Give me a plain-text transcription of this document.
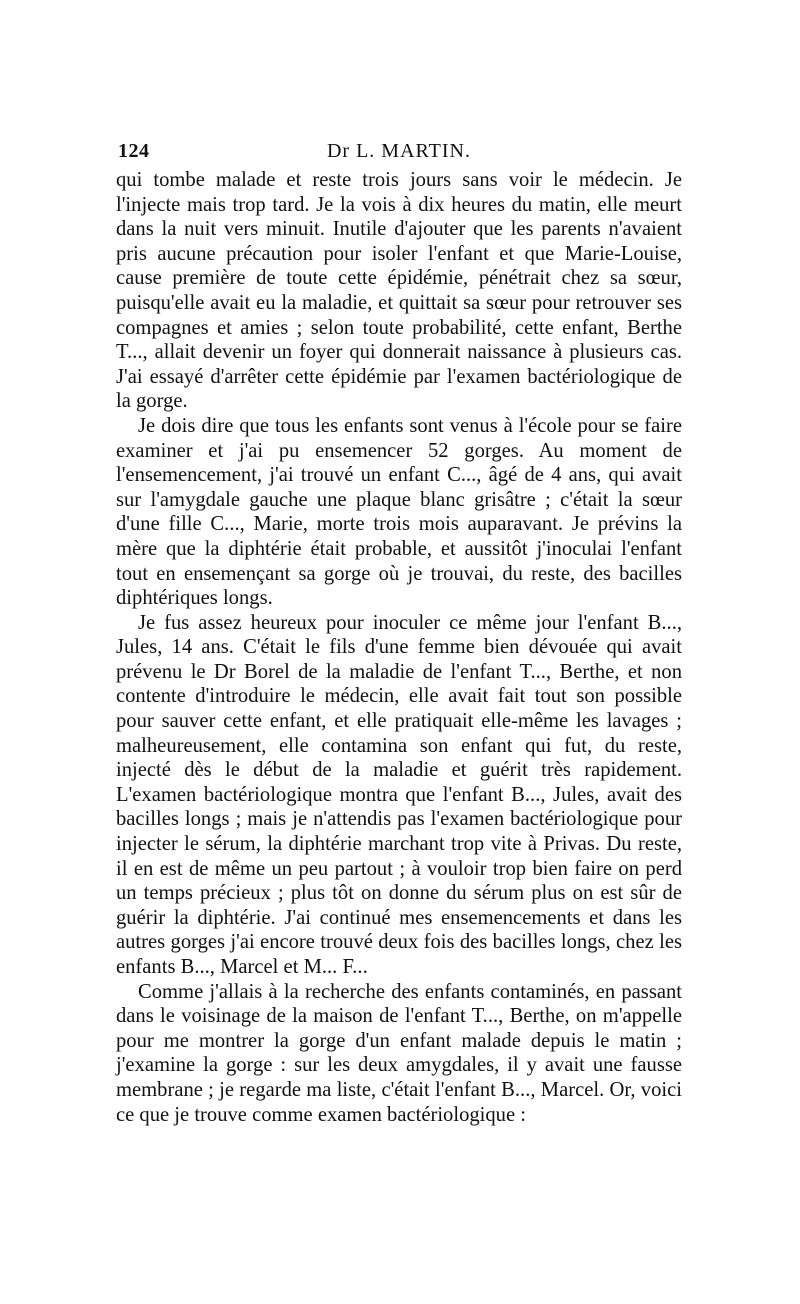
124	Dr L. MARTIN.

qui tombe malade et reste trois jours sans voir le médecin. Je l'injecte mais trop tard. Je la vois à dix heures du matin, elle meurt dans la nuit vers minuit. Inutile d'ajouter que les parents n'avaient pris aucune précaution pour isoler l'enfant et que Marie-Louise, cause première de toute cette épidémie, pénétrait chez sa sœur, puisqu'elle avait eu la maladie, et quittait sa sœur pour retrouver ses compagnes et amies ; selon toute probabilité, cette enfant, Berthe T..., allait devenir un foyer qui donnerait naissance à plusieurs cas. J'ai essayé d'arrêter cette épidémie par l'examen bactériologique de la gorge.

Je dois dire que tous les enfants sont venus à l'école pour se faire examiner et j'ai pu ensemencer 52 gorges. Au moment de l'ensemencement, j'ai trouvé un enfant C..., âgé de 4 ans, qui avait sur l'amygdale gauche une plaque blanc grisâtre ; c'était la sœur d'une fille C..., Marie, morte trois mois auparavant. Je prévins la mère que la diphtérie était probable, et aussitôt j'inoculai l'enfant tout en ensemençant sa gorge où je trouvai, du reste, des bacilles diphtériques longs.

Je fus assez heureux pour inoculer ce même jour l'enfant B..., Jules, 14 ans. C'était le fils d'une femme bien dévouée qui avait prévenu le Dr Borel de la maladie de l'enfant T..., Berthe, et non contente d'introduire le médecin, elle avait fait tout son possible pour sauver cette enfant, et elle pratiquait elle-même les lavages ; malheureusement, elle contamina son enfant qui fut, du reste, injecté dès le début de la maladie et guérit très rapidement. L'examen bactériologique montra que l'enfant B..., Jules, avait des bacilles longs ; mais je n'attendis pas l'examen bactériologique pour injecter le sérum, la diphtérie marchant trop vite à Privas. Du reste, il en est de même un peu partout ; à vouloir trop bien faire on perd un temps précieux ; plus tôt on donne du sérum plus on est sûr de guérir la diphtérie. J'ai continué mes ensemencements et dans les autres gorges j'ai encore trouvé deux fois des bacilles longs, chez les enfants B..., Marcel et M... F...

Comme j'allais à la recherche des enfants contaminés, en passant dans le voisinage de la maison de l'enfant T..., Berthe, on m'appelle pour me montrer la gorge d'un enfant malade depuis le matin ; j'examine la gorge : sur les deux amygdales, il y avait une fausse membrane ; je regarde ma liste, c'était l'enfant B..., Marcel. Or, voici ce que je trouve comme examen bactériologique :
